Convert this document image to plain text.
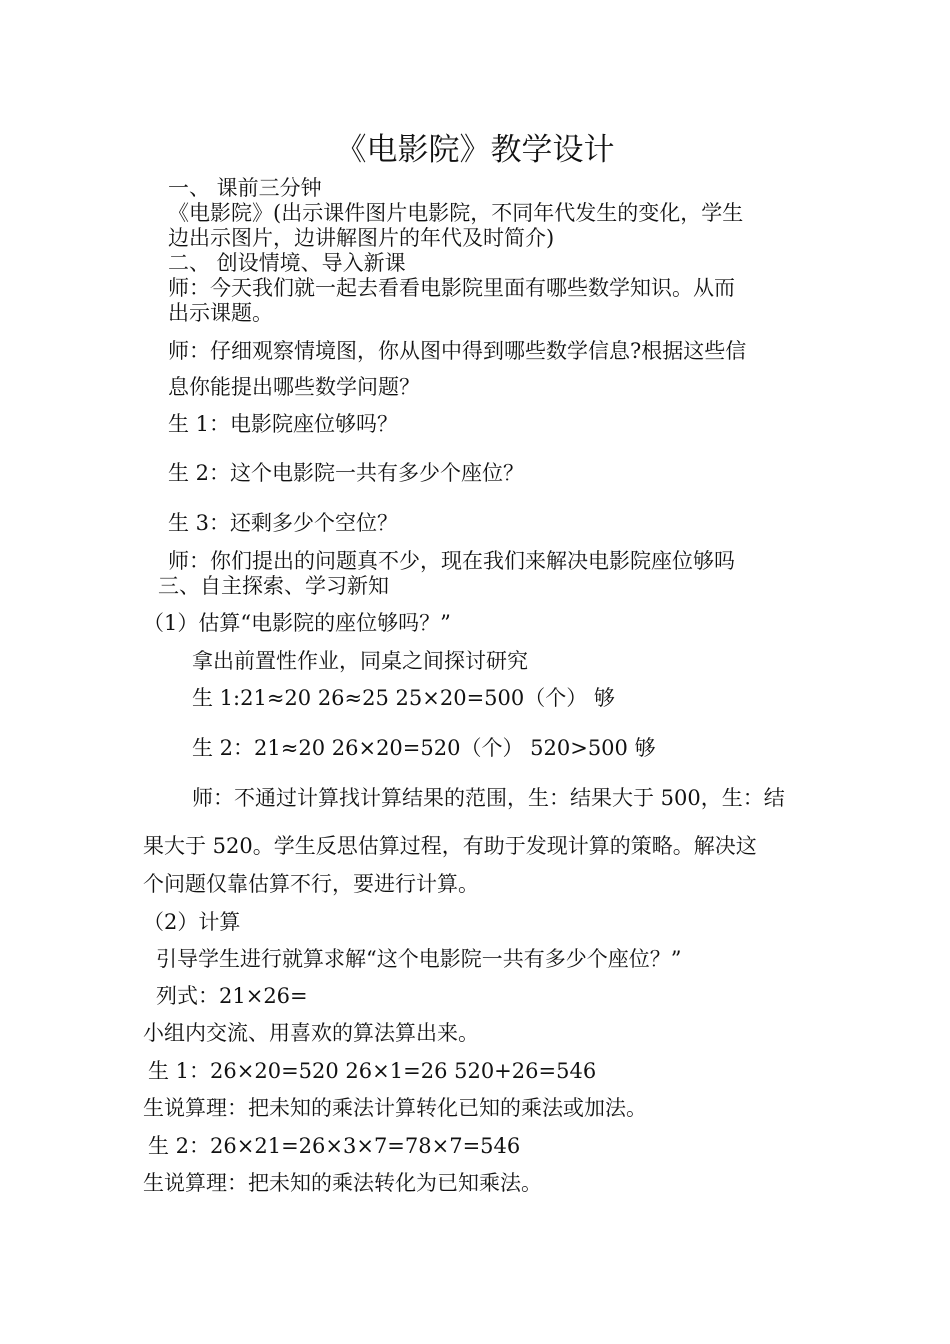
《电影院》教学设计
一、 课前三分钟
《电影院》(出示课件图片电影院，不同年代发生的变化，学生
边出示图片，边讲解图片的年代及时简介)
二、 创设情境、导入新课
师：今天我们就一起去看看电影院里面有哪些数学知识。从而
出示课题。
师：仔细观察情境图，你从图中得到哪些数学信息?根据这些信
息你能提出哪些数学问题？
生 1：电影院座位够吗？
生 2：这个电影院一共有多少个座位？
生 3：还剩多少个空位？
师：你们提出的问题真不少，现在我们来解决电影院座位够吗
三、自主探索、学习新知
（1）估算“电影院的座位够吗？”
拿出前置性作业，同桌之间探讨研究
生 1:21≈20 26≈25 25×20=500（个） 够
生 2：21≈20 26×20=520（个） 520>500 够
师：不通过计算找计算结果的范围，生：结果大于 500，生：结
果大于 520。学生反思估算过程，有助于发现计算的策略。解决这
个问题仅靠估算不行，要进行计算。
（2）计算
引导学生进行就算求解“这个电影院一共有多少个座位？”
列式：21×26=
小组内交流、用喜欢的算法算出来。
生 1：26×20=520 26×1=26 520+26=546
生说算理：把未知的乘法计算转化已知的乘法或加法。
生 2：26×21=26×3×7=78×7=546
生说算理：把未知的乘法转化为已知乘法。
